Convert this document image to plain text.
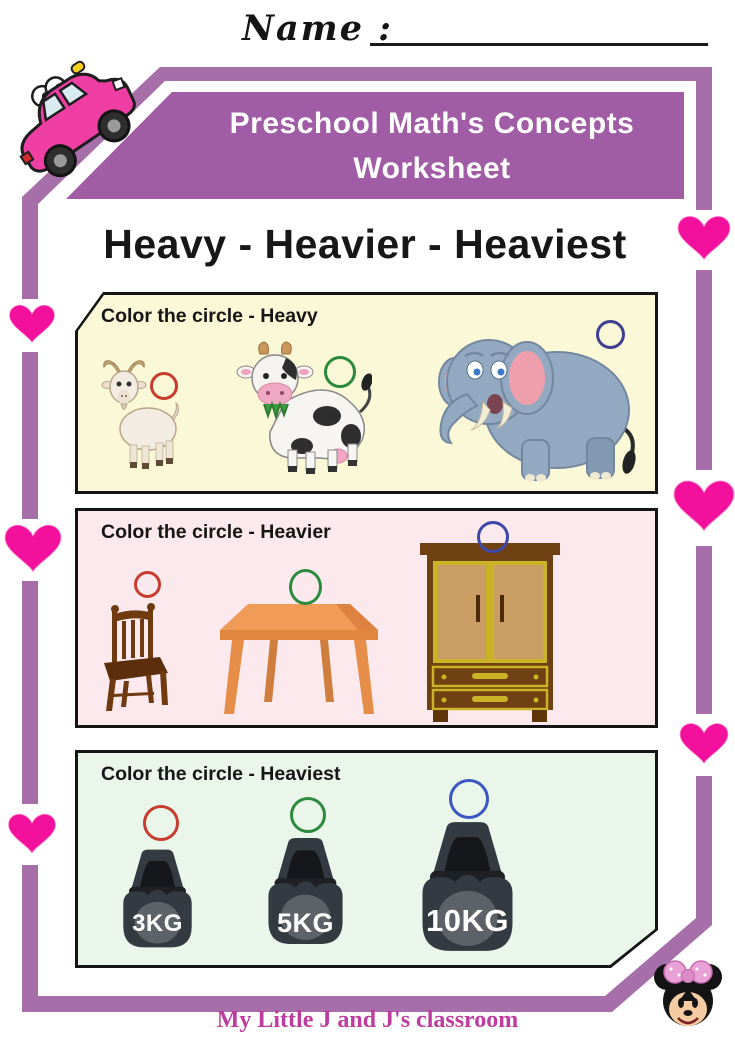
Name :
Preschool Math's Concepts
Worksheet
Heavy - Heavier - Heaviest
Color the circle - Heavy
Color the circle - Heavier
Color the circle - Heaviest
3KG	5KG	10KG
My Little J and J's classroom
